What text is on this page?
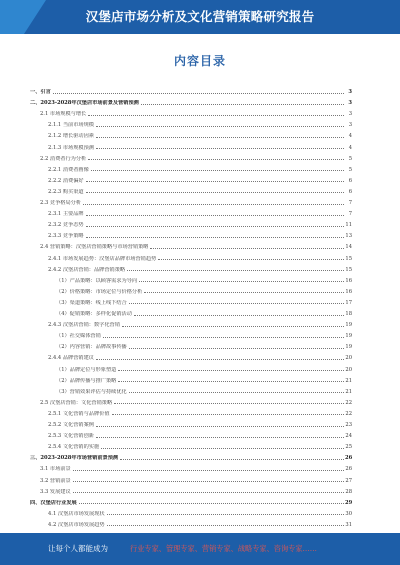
汉堡店市场分析及文化营销策略研究报告
内容目录
一、引言	3
二、2023-2028年汉堡店市场前景及营销预测	3
2.1 市场规模与增长	3
2.1.1 当前市场规模	3
2.1.2 增长驱动因素	4
2.1.3 市场规模预测	4
2.2 消费者行为分析	5
2.2.1 消费者画像	5
2.2.2 消费偏好	6
2.2.3 购买渠道	6
2.3 竞争格局分析	7
2.3.1 主要品牌	7
2.3.2 竞争态势	11
2.3.3 竞争策略	13
2.4 营销策略：汉堡店营销策略与市场营销策略	14
2.4.1 市场发展趋势：汉堡店品牌市场营销趋势	15
2.4.2 汉堡店营销：品牌营销策略	15
（1）产品策略：以顾客需求为导向	16
（2）价格策略：市场定位与价格分析	16
（3）渠道策略：线上线下结合	17
（4）促销策略：多样化促销活动	18
2.4.3 汉堡店营销：数字化营销	19
（1）社交媒体营销	19
（2）内容营销：品牌故事传播	19
2.4.4 品牌营销建议	20
（1）品牌定位与形象塑造	20
（2）品牌传播与推广策略	21
（3）营销效果评估与持续优化	21
2.5 汉堡店营销：文化营销策略	22
2.5.1 文化营销与品牌价值	22
2.5.2 文化营销案例	23
2.5.3 文化营销创新	24
2.5.4 文化营销的实施	25
三、2023-2028年市场营销前景预测	26
3.1 市场前景	26
3.2 营销前景	27
3.3 发展建议	28
四、汉堡店行业发展	29
4.1 汉堡店市场发展现状	30
4.2 汉堡店市场发展趋势	31
让每个人都能成为	行业专家、管理专家、营销专家、战略专家、咨询专家……
